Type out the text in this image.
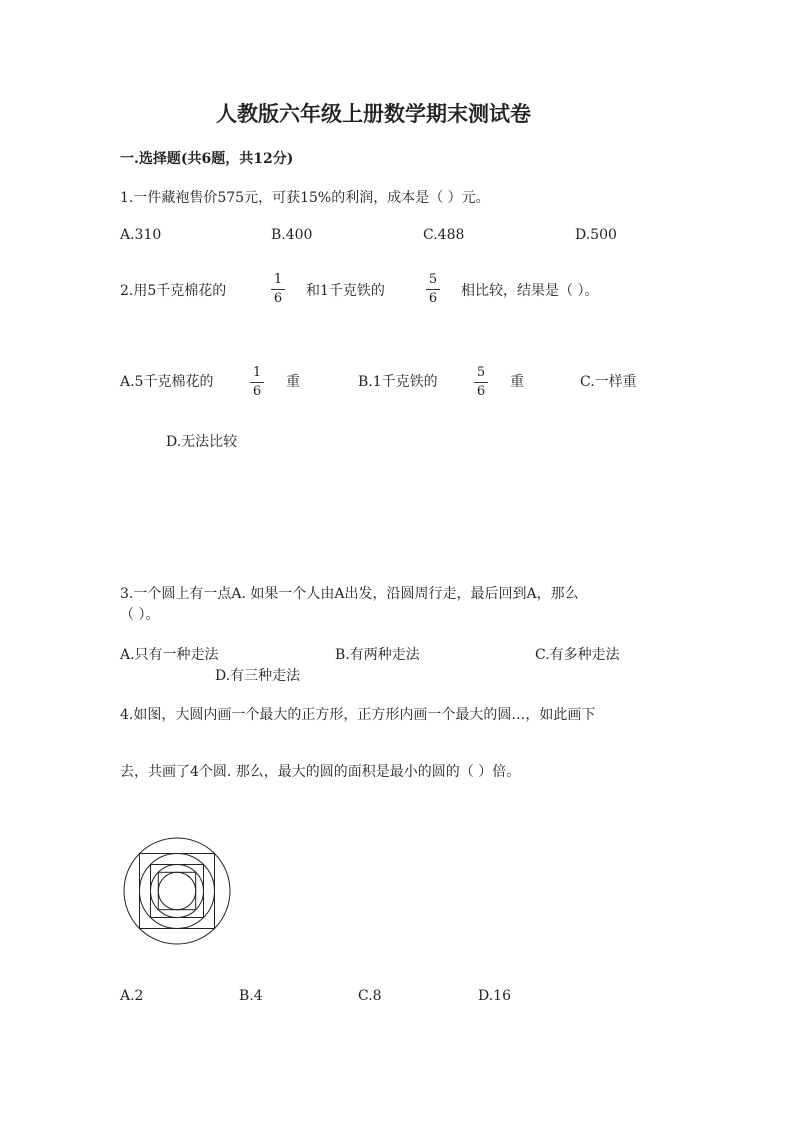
人教版六年级上册数学期末测试卷
一.选择题(共6题，共12分)
1.一件藏袍售价575元，可获15%的利润，成本是（ ）元。
A.310	B.400	C.488	D.500
2.用5千克棉花的
1
6 和1千克铁的
5
6 相比较，结果是（ ）。
A.5千克棉花的
1
6
重	B.1千克铁的
5
6
重	C.一样重
D.无法比较
3.一个圆上有一点A. 如果一个人由A出发，沿圆周行走，最后回到A，那么
（ ）。
A.只有一种走法	B.有两种走法	C.有多种走法
D.有三种走法
4.如图，大圆内画一个最大的正方形，正方形内画一个最大的圆…，如此画下
去，共画了4个圆. 那么，最大的圆的面积是最小的圆的（ ）倍。
A.2	B.4	C.8	D.16
